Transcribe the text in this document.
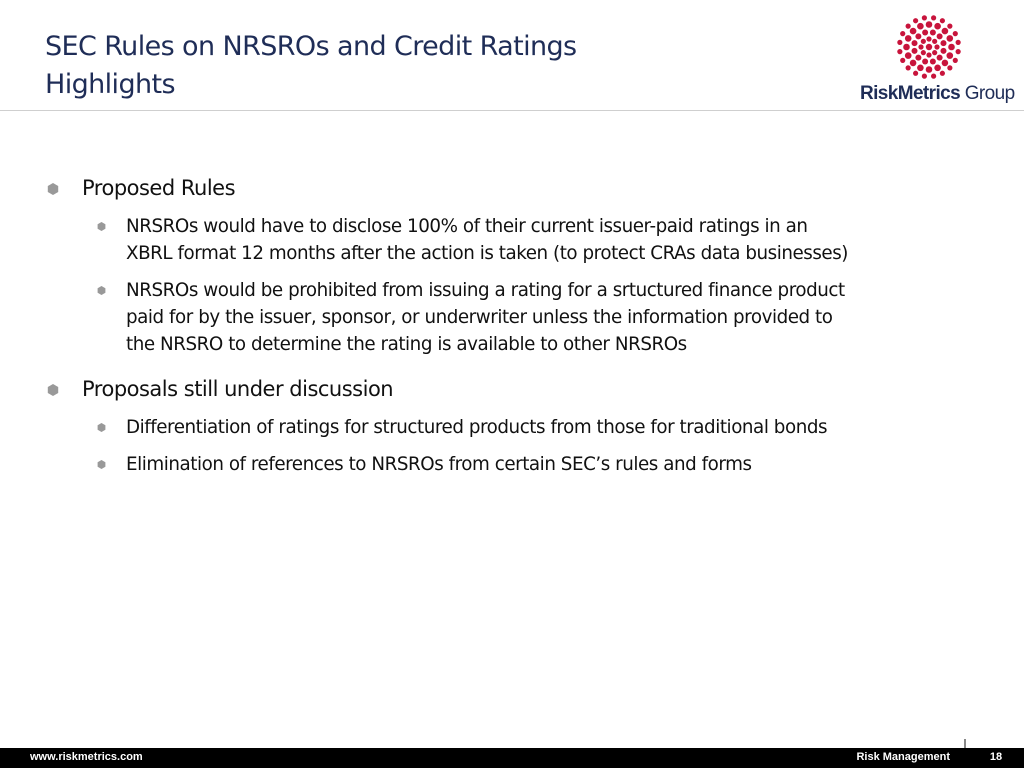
SEC Rules on NRSROs and Credit Ratings
Highlights	RiskMetrics Group
Proposed Rules
NRSROs would have to disclose 100% of their current issuer-paid ratings in an
XBRL format 12 months after the action is taken (to protect CRAs data businesses)
NRSROs would be prohibited from issuing a rating for a srtuctured finance product
paid for by the issuer, sponsor, or underwriter unless the information provided to
the NRSRO to determine the rating is available to other NRSROs
Proposals still under discussion
Differentiation of ratings for structured products from those for traditional bonds
Elimination of references to NRSROs from certain SEC’s rules and forms
www.riskmetrics.com	Risk Management	18
